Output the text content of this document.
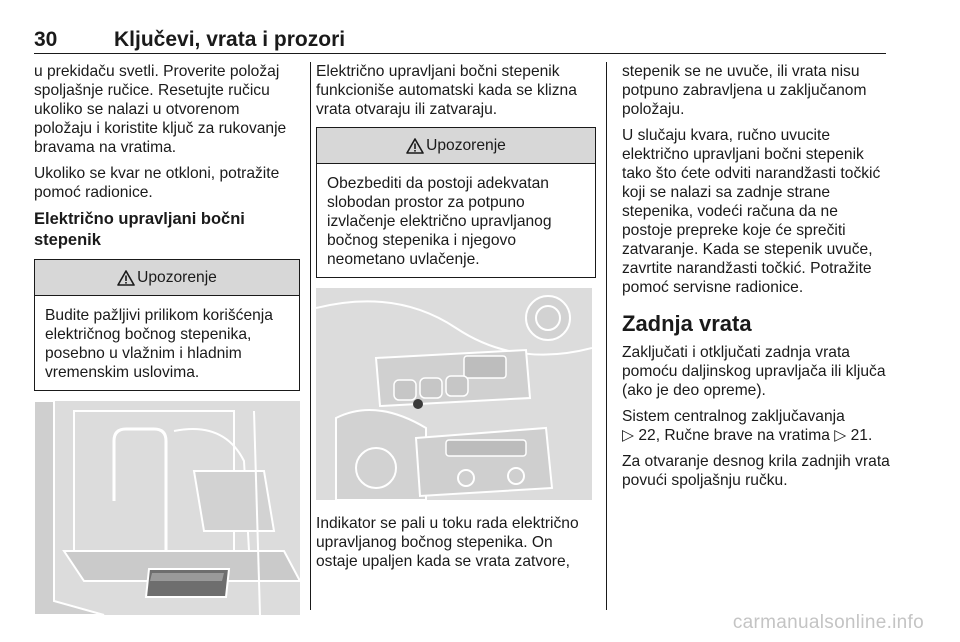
30	Ključevi, vrata i prozori

u prekidaču svetli. Proverite položaj spoljašnje ručice. Resetujte ručicu ukoliko se nalazi u otvorenom položaju i koristite ključ za rukovanje bravama na vratima.

Ukoliko se kvar ne otkloni, potražite pomoć radionice.

Električno upravljani bočni stepenik
Upozorenje
Budite pažljivi prilikom korišćenja električnog bočnog stepenika, posebno u vlažnim i hladnim vremenskim uslovima.

Električno upravljani bočni stepenik funkcioniše automatski kada se klizna vrata otvaraju ili zatvaraju.

Upozorenje
Obezbediti da postoji adekvatan slobodan prostor za potpuno izvlačenje električno upravljanog bočnog stepenika i njegovo neometano uvlačenje.

Indikator se pali u toku rada električno upravljanog bočnog stepenika. On ostaje upaljen kada se vrata zatvore,

stepenik se ne uvuče, ili vrata nisu potpuno zabravljena u zaključanom položaju.

U slučaju kvara, ručno uvucite električno upravljani bočni stepenik tako što ćete odviti narandžasti točkić koji se nalazi sa zadnje strane stepenika, vodeći računa da ne postoje prepreke koje će sprečiti zatvaranje. Kada se stepenik uvuče, zavrtite narandžasti točkić. Potražite pomoć servisne radionice.

Zadnja vrata

Zaključati i otključati zadnja vrata pomoću daljinskog upravljača ili ključa (ako je deo opreme).

Sistem centralnog zaključavanja
▷ 22, Ručne brave na vratima ▷ 21.

Za otvaranje desnog krila zadnjih vrata povući spoljašnju ručku.

carmanualsonline.info
